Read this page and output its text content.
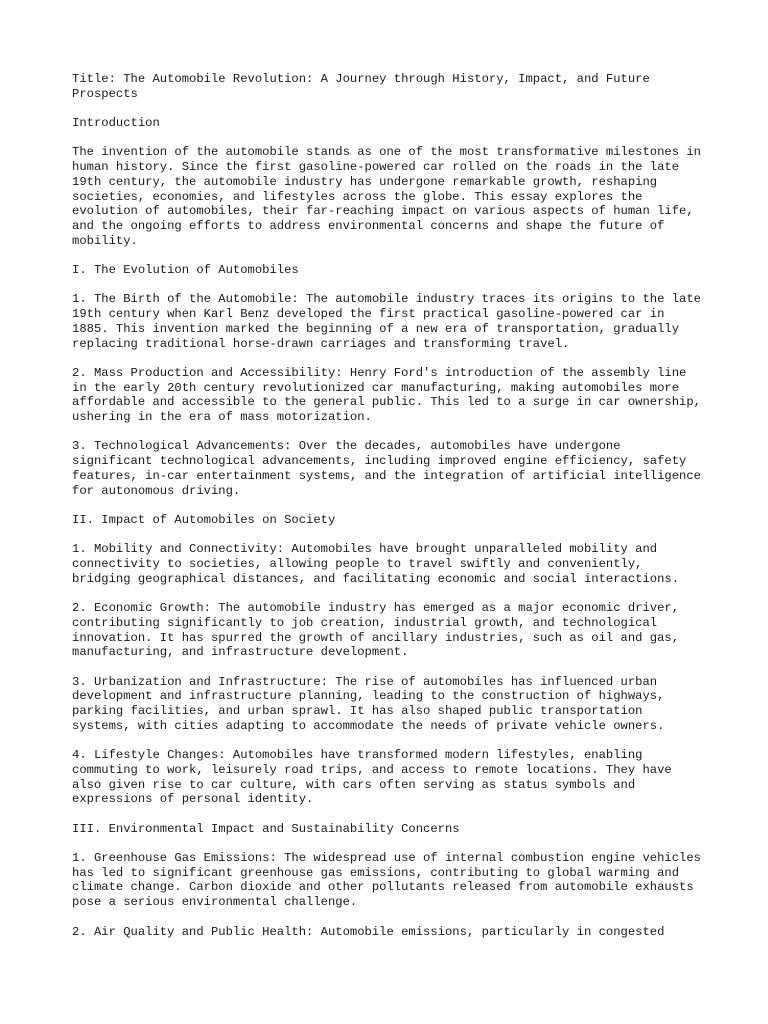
Title: The Automobile Revolution: A Journey through History, Impact, and Future Prospects

Introduction

The invention of the automobile stands as one of the most transformative milestones in human history. Since the first gasoline-powered car rolled on the roads in the late 19th century, the automobile industry has undergone remarkable growth, reshaping societies, economies, and lifestyles across the globe. This essay explores the evolution of automobiles, their far-reaching impact on various aspects of human life, and the ongoing efforts to address environmental concerns and shape the future of mobility.

I. The Evolution of Automobiles

1. The Birth of the Automobile: The automobile industry traces its origins to the late 19th century when Karl Benz developed the first practical gasoline-powered car in 1885. This invention marked the beginning of a new era of transportation, gradually replacing traditional horse-drawn carriages and transforming travel.

2. Mass Production and Accessibility: Henry Ford's introduction of the assembly line in the early 20th century revolutionized car manufacturing, making automobiles more affordable and accessible to the general public. This led to a surge in car ownership, ushering in the era of mass motorization.

3. Technological Advancements: Over the decades, automobiles have undergone significant technological advancements, including improved engine efficiency, safety features, in-car entertainment systems, and the integration of artificial intelligence for autonomous driving.

II. Impact of Automobiles on Society

1. Mobility and Connectivity: Automobiles have brought unparalleled mobility and connectivity to societies, allowing people to travel swiftly and conveniently, bridging geographical distances, and facilitating economic and social interactions.

2. Economic Growth: The automobile industry has emerged as a major economic driver, contributing significantly to job creation, industrial growth, and technological innovation. It has spurred the growth of ancillary industries, such as oil and gas, manufacturing, and infrastructure development.

3. Urbanization and Infrastructure: The rise of automobiles has influenced urban development and infrastructure planning, leading to the construction of highways, parking facilities, and urban sprawl. It has also shaped public transportation systems, with cities adapting to accommodate the needs of private vehicle owners.

4. Lifestyle Changes: Automobiles have transformed modern lifestyles, enabling commuting to work, leisurely road trips, and access to remote locations. They have also given rise to car culture, with cars often serving as status symbols and expressions of personal identity.

III. Environmental Impact and Sustainability Concerns

1. Greenhouse Gas Emissions: The widespread use of internal combustion engine vehicles has led to significant greenhouse gas emissions, contributing to global warming and climate change. Carbon dioxide and other pollutants released from automobile exhausts pose a serious environmental challenge.

2. Air Quality and Public Health: Automobile emissions, particularly in congested
